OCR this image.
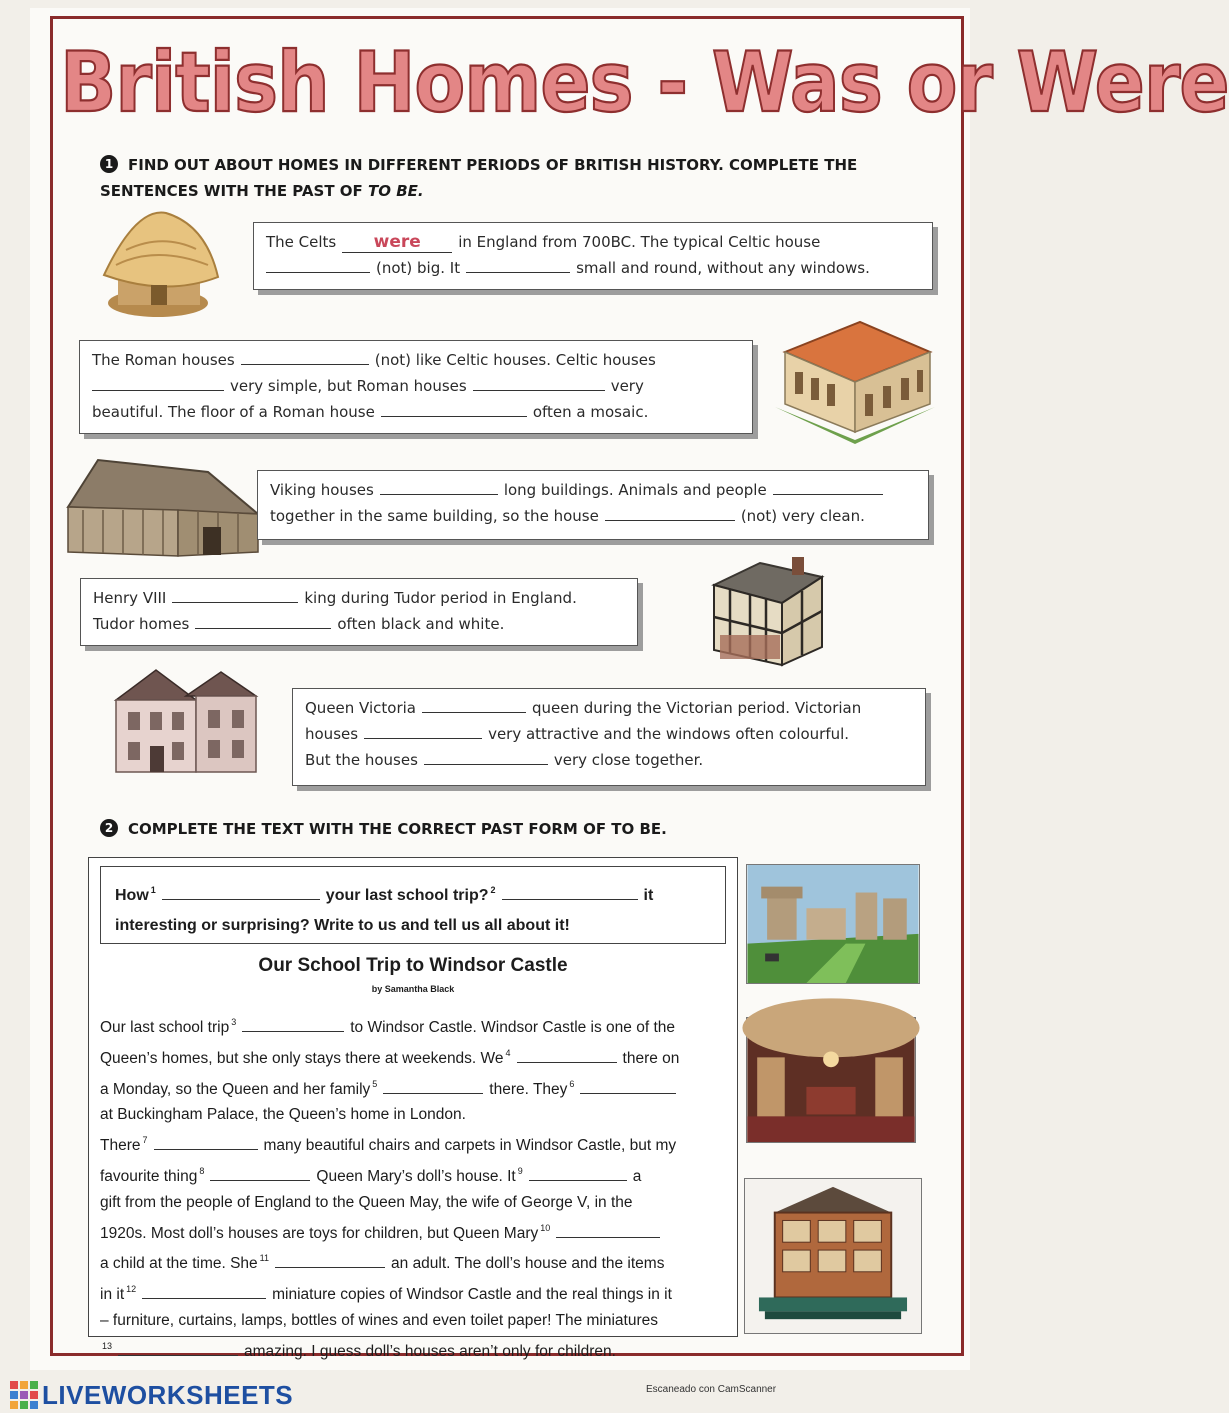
British Homes - Was or Were
1 FIND OUT ABOUT HOMES IN DIFFERENT PERIODS OF BRITISH HISTORY. COMPLETE THE SENTENCES WITH THE PAST OF TO BE.
The Celts were in England from 700BC. The typical Celtic house
(not) big. It	small and round, without any windows.
The Roman houses	(not) like Celtic houses. Celtic houses
very simple, but Roman houses	very
beautiful. The floor of a Roman house	often a mosaic.
Viking houses	long buildings. Animals and people
together in the same building, so the house	(not) very clean.
Henry VIII	king during Tudor period in England.
Tudor homes	often black and white.
Queen Victoria	queen during the Victorian period. Victorian
houses	very attractive and the windows often colourful.
But the houses	very close together.
2 COMPLETE THE TEXT WITH THE CORRECT PAST FORM OF TO BE.
How $^1$	your last school trip? $^2$	it
interesting or surprising? Write to us and tell us all about it!
Our School Trip to Windsor Castle
by Samantha Black
Our last school trip $^3$	to Windsor Castle. Windsor Castle is one of the
Queen’s homes, but she only stays there at weekends. We $^4$	there on
a Monday, so the Queen and her family $^5$	there. They $^6$
at Buckingham Palace, the Queen’s home in London.
There $^7$	many beautiful chairs and carpets in Windsor Castle, but my
favourite thing $^8$	Queen Mary’s doll’s house. It $^9$	a
gift from the people of England to the Queen May, the wife of George V, in the
1920s. Most doll’s houses are toys for children, but Queen Mary $^{10}$
a child at the time. She $^{11}$	an adult. The doll’s house and the items
in it $^{12}$	miniature copies of Windsor Castle and the real things in it
– furniture, curtains, lamps, bottles of wines and even toilet paper! The miniatures
$^{13}$	amazing. I guess doll’s houses aren’t only for children.
LIVEWORKSHEETS	Escaneado con CamScanner
